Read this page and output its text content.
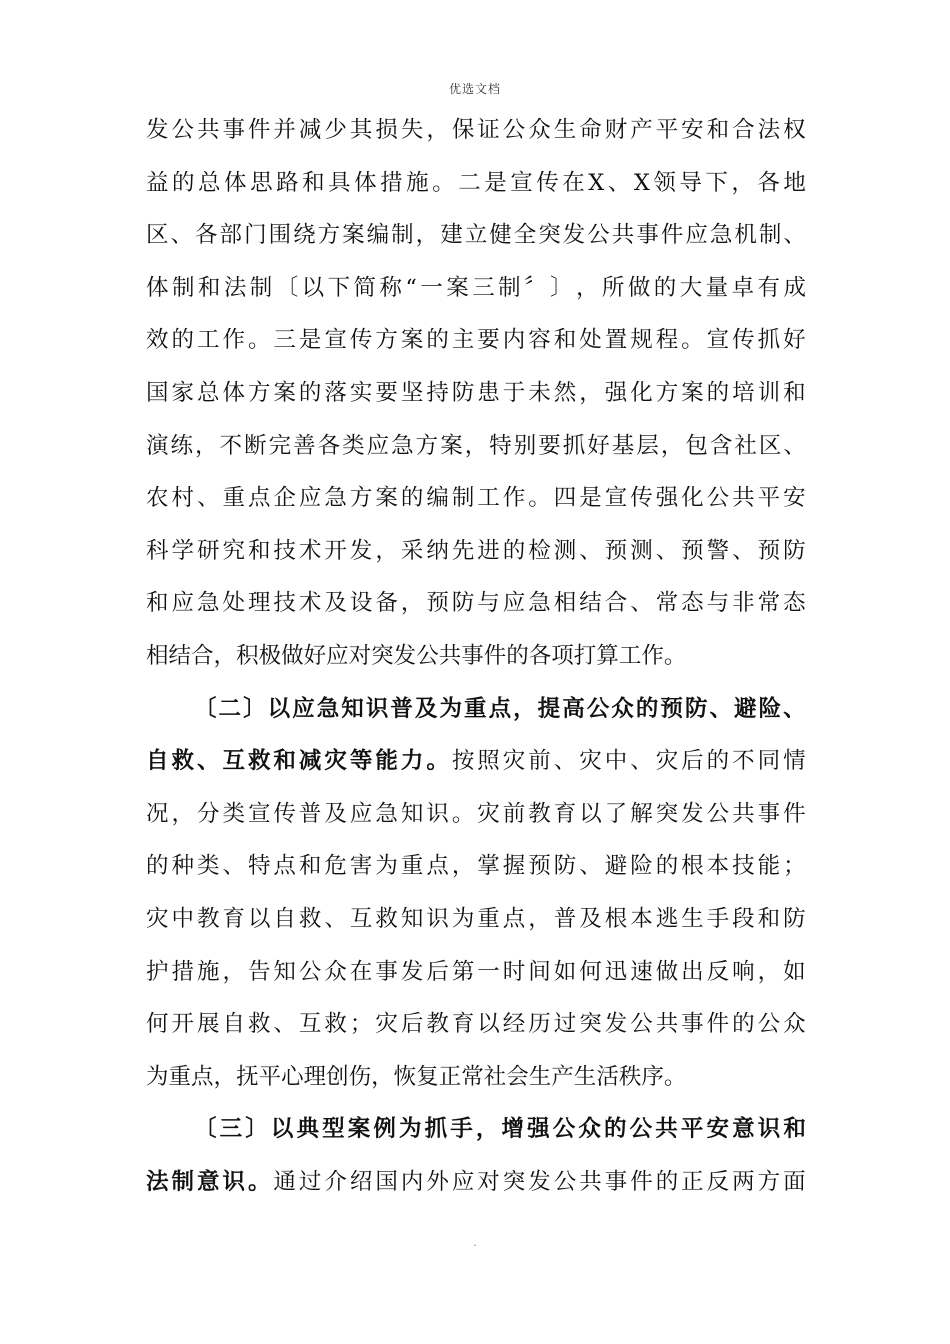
优选文档
发 公 共 事 件 并 减 少 其 损 失 ， 保 证 公 众 生 命 财 产 平 安 和 合 法 权
益 的 总 体 思 路 和 具 体 措 施 。 二 是 宣 传 在 X 、 X 领 导 下 ， 各 地
区 、 各 部 门 围 绕 方 案 编 制 ， 建 立 健 全 突 发 公 共 事 件 应 急 机 制 、
体 制 和 法 制 〔 以 下 简 称 “ 一 案 三 制 〞 〕 ， 所 做 的 大 量 卓 有 成
效 的 工 作 。 三 是 宣 传 方 案 的 主 要 内 容 和 处 置 规 程 。 宣 传 抓 好
国 家 总 体 方 案 的 落 实 要 坚 持 防 患 于 未 然 ， 强 化 方 案 的 培 训 和
演 练 ， 不 断 完 善 各 类 应 急 方 案 ， 特 别 要 抓 好 基 层 ， 包 含 社 区 、
农 村 、 重 点 企 应 急 方 案 的 编 制 工 作 。 四 是 宣 传 强 化 公 共 平 安
科 学 研 究 和 技 术 开 发 ， 采 纳 先 进 的 检 测 、 预 测 、 预 警 、 预 防
和 应 急 处 理 技 术 及 设 备 ， 预 防 与 应 急 相 结 合 、 常 态 与 非 常 态
相 结 合 ， 积 极 做 好 应 对 突 发 公 共 事 件 的 各 项 打 算 工 作 。
〔 二 〕 以 应 急 知 识 普 及 为 重 点 ， 提 高 公 众 的 预 防 、 避 险 、
自 救 、 互 救 和 减 灾 等 能 力 。 按 照 灾 前 、 灾 中 、 灾 后 的 不 同 情
况 ， 分 类 宣 传 普 及 应 急 知 识 。 灾 前 教 育 以 了 解 突 发 公 共 事 件
的 种 类 、 特 点 和 危 害 为 重 点 ， 掌 握 预 防 、 避 险 的 根 本 技 能 ；
灾 中 教 育 以 自 救 、 互 救 知 识 为 重 点 ， 普 及 根 本 逃 生 手 段 和 防
护 措 施 ， 告 知 公 众 在 事 发 后 第 一 时 间 如 何 迅 速 做 出 反 响 ， 如
何 开 展 自 救 、 互 救 ； 灾 后 教 育 以 经 历 过 突 发 公 共 事 件 的 公 众
为 重 点 ， 抚 平 心 理 创 伤 ， 恢 复 正 常 社 会 生 产 生 活 秩 序 。
〔 三 〕 以 典 型 案 例 为 抓 手 ， 增 强 公 众 的 公 共 平 安 意 识 和
法 制 意 识 。 通 过 介 绍 国 内 外 应 对 突 发 公 共 事 件 的 正 反 两 方 面
.
